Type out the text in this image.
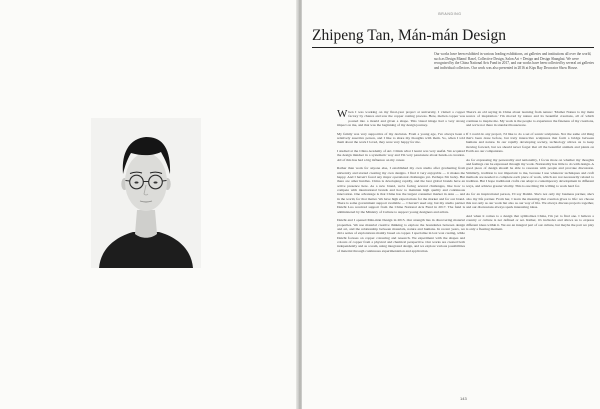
BRANDING
Zhipeng Tan, Mán-mán Design
Our works have been exhibited in various leading exhibitions, art galleries and institutions all over the world, such as Design Miami/ Basel, Collective Design, Salon Art + Design and Design Shanghai. We were recognised by the China National Arts Fund in 2017, and our works have been collected by several art galleries and individual collectors. Our work was also presented in 2016 at Kips Bay Decorator Show House.

When I was working on my final-year project at university, I visited a copper factory by chance and saw the copper casting process. Here, molten copper was poured into a mould and given a shape. This visual image had a very strong impact on me, and that was the beginning of my design journey.

My family was very supportive of my decision. From a young age, I've always been a relatively assertive person, and I like to share my thoughts with them. So, when I told them about the work I loved, they were very happy for me.

I studied at the China Academy of Art. I think what I learnt was very useful. We acquired the design mindset in a systematic way and I'm very passionate about hands-on creation. All of this has had a big influence on my career.

Rather than work for anyone else, I established my own studio after graduating from university and started creating my own designs. I find it very enjoyable — it makes me happy. And I haven't faced any major operational challenges yet. Perhaps I'm lucky. But there are other hurdles. China is developing rapidly, and the best global brands have an active presence here. As a new brand, we're facing several challenges, like how to compete with international brands and how to maintain high quality and continuous innovation. One advantage is that China has the largest consumer market in Asia — and in the world, for that matter. We have high expectations for the market and for our brand. There is some government support available — I haven't used any, but my studio partner Daizhi Luo received support from the China National Arts Fund in 2017. The fund is administered by the Ministry of Culture to support young designers and artists.

Daizhi and I opened Mán-mán Design in 2015. Our strength lies in discovering material properties. We use material creative thinking to explore the boundaries between design and art, and the relationship between materials, nature and humans. In recent years, we did a series of explorations mainly based on copper. I specialise in lost wax casting, while Daizhi focuses on copper colouring and research. We experiment with the shapes and colours of copper from a physical and chemical perspective. Our works are created both independently and as a team, using integrated design, and we explore various possibilities of material through continuous experimentation and application.

There's an old saying in China about learning from nature: 'Mother Nature is my main source of inspiration.' I'm moved by nature and its beautiful creations, all of which continue to inspire me. My work is the people to experience the fineness of my creations, and we're not there in standard houseware.

If I could do any project, I'd like to do a set of scenic sculptures. Not the same old thing that's been done before, but truly interactive sculptures that form a bridge between humans and nature. In our rapidly developing society, technology allows us to keep moving forward, but we should never forget that all the beautiful animals and plants on Earth are our companions.

As for expressing my personality and nationality, I focus more on whether my thoughts and feelings can be expressed through my work. Nationality has little to do with design. A good piece of design should be able to resonate with people and provoke discussion. Similarly, tradition is not important to me, because I use whatever techniques and craft methods are needed to complete each piece of work, which are not necessarily related to tradition. But I hope traditional crafts can adapt to contemporary development in different ways, and achieve greater vitality. This is one thing I'm willing to work hard for.

As for an inspirational person, I'd say Daizhi. She's not only my business partner, she's also my life partner. From her, I learn the meaning that creation gives to life: we choose this not only as our work but also as our way of life. We always discuss projects together, and our discussions always spark interesting ideas.

And when it comes to a design that symbolises China, I'm yet to find one. I believe a country or culture is not defined or set. Rather, it's inclusive and allows us to express different ideas within it. We are an integral part of our culture, but maybe the part we play is only a fleeting moment.

143
